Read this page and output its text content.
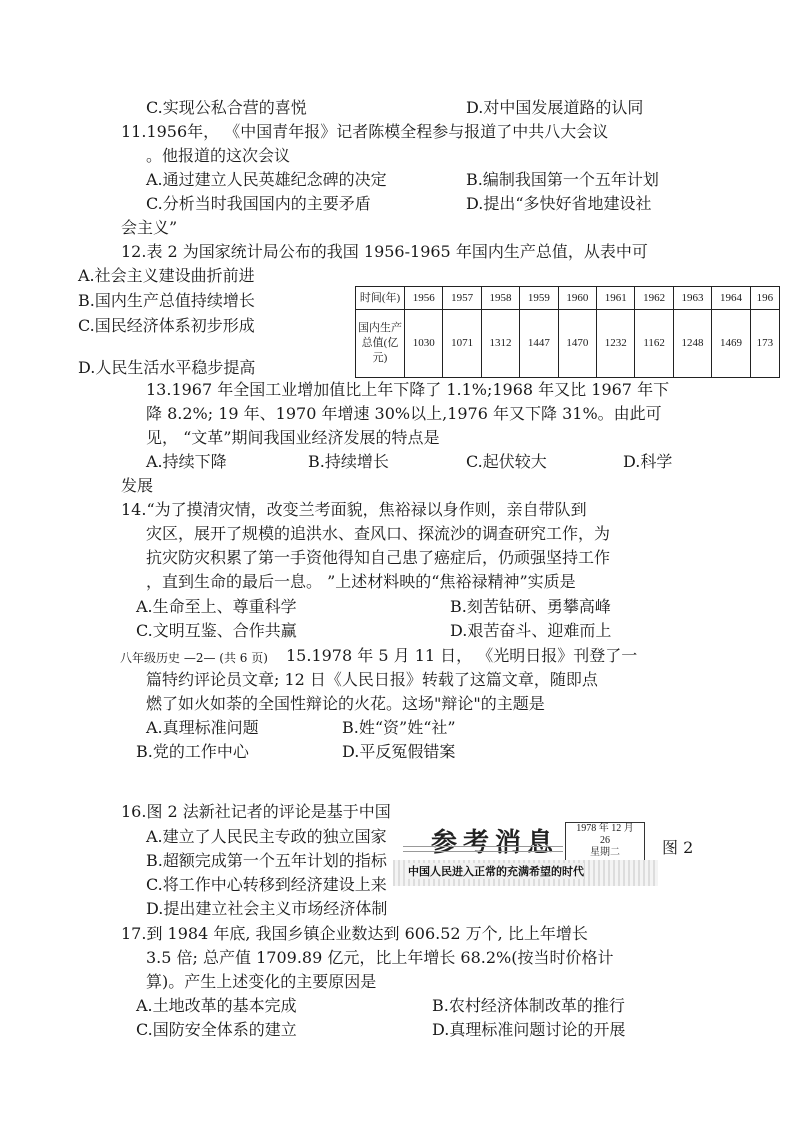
C.实现公私合营的喜悦	D.对中国发展道路的认同
11.1956年， 《中国青年报》记者陈模全程参与报道了中共八大会议
。他报道的这次会议
A.通过建立人民英雄纪念碑的决定	B.编制我国第一个五年计划
C.分析当时我国国内的主要矛盾	D.提出“多快好省地建设社
会主义”
12.表 2 为国家统计局公布的我国 1956-1965 年国内生产总值，从表中可
A.社会主义建设曲折前进
B.国内生产总值持续增长
C.国民经济体系初步形成
D.人民生活水平稳步提高
13.1967 年全国工业增加值比上年下降了 1.1%;1968 年又比 1967 年下
降 8.2%; 19 年、1970 年增速 30%以上,1976 年又下降 31%。由此可
见， “文革”期间我国业经济发展的特点是
A.持续下降	B.持续增长	C.起伏较大	D.科学
发展
14.“为了摸清灾情，改变兰考面貌，焦裕禄以身作则，亲自带队到
灾区，展开了规模的追洪水、查风口、探流沙的调查研究工作，为
抗灾防灾积累了第一手资他得知自己患了癌症后，仍顽强坚持工作
，直到生命的最后一息。 ”上述材料映的“焦裕禄精神”实质是
A.生命至上、尊重科学	B.刻苦钻研、勇攀高峰
C.文明互鉴、合作共赢	D.艰苦奋斗、迎难而上
15.1978 年 5 月 11 日， 《光明日报》刊登了一
篇特约评论员文章; 12 日《人民日报》转载了这篇文章，随即点
燃了如火如荼的全国性辩论的火花。这场"辩论"的主题是
A.真理标准问题	B.姓“资”姓“社”
B.党的工作中心	D.平反冤假错案
16.图 2 法新社记者的评论是基于中国
A.建立了人民民主专政的独立国家
B.超额完成第一个五年计划的指标
C.将工作中心转移到经济建设上来
D.提出建立社会主义市场经济体制
17.到 1984 年底, 我国乡镇企业数达到 606.52 万个, 比上年增长
3.5 倍; 总产值 1709.89 亿元，比上年增长 68.2%(按当时价格计
算)。产生上述变化的主要原因是
A.土地改革的基本完成	B.农村经济体制改革的推行
C.国防安全体系的建立	D.真理标准问题讨论的开展
时间(年)	1956	1957	1958	1959	1960	1961	1962	1963	1964	196
国内生产总值(亿元)	1030	1071	1312	1447	1470	1232	1162	1248	1469	173
参考消息	1978 年 12 月
26
星期二
中国人民进入正常的充满希望的时代
图 2
八年级历史 —2— (共 6 页)
